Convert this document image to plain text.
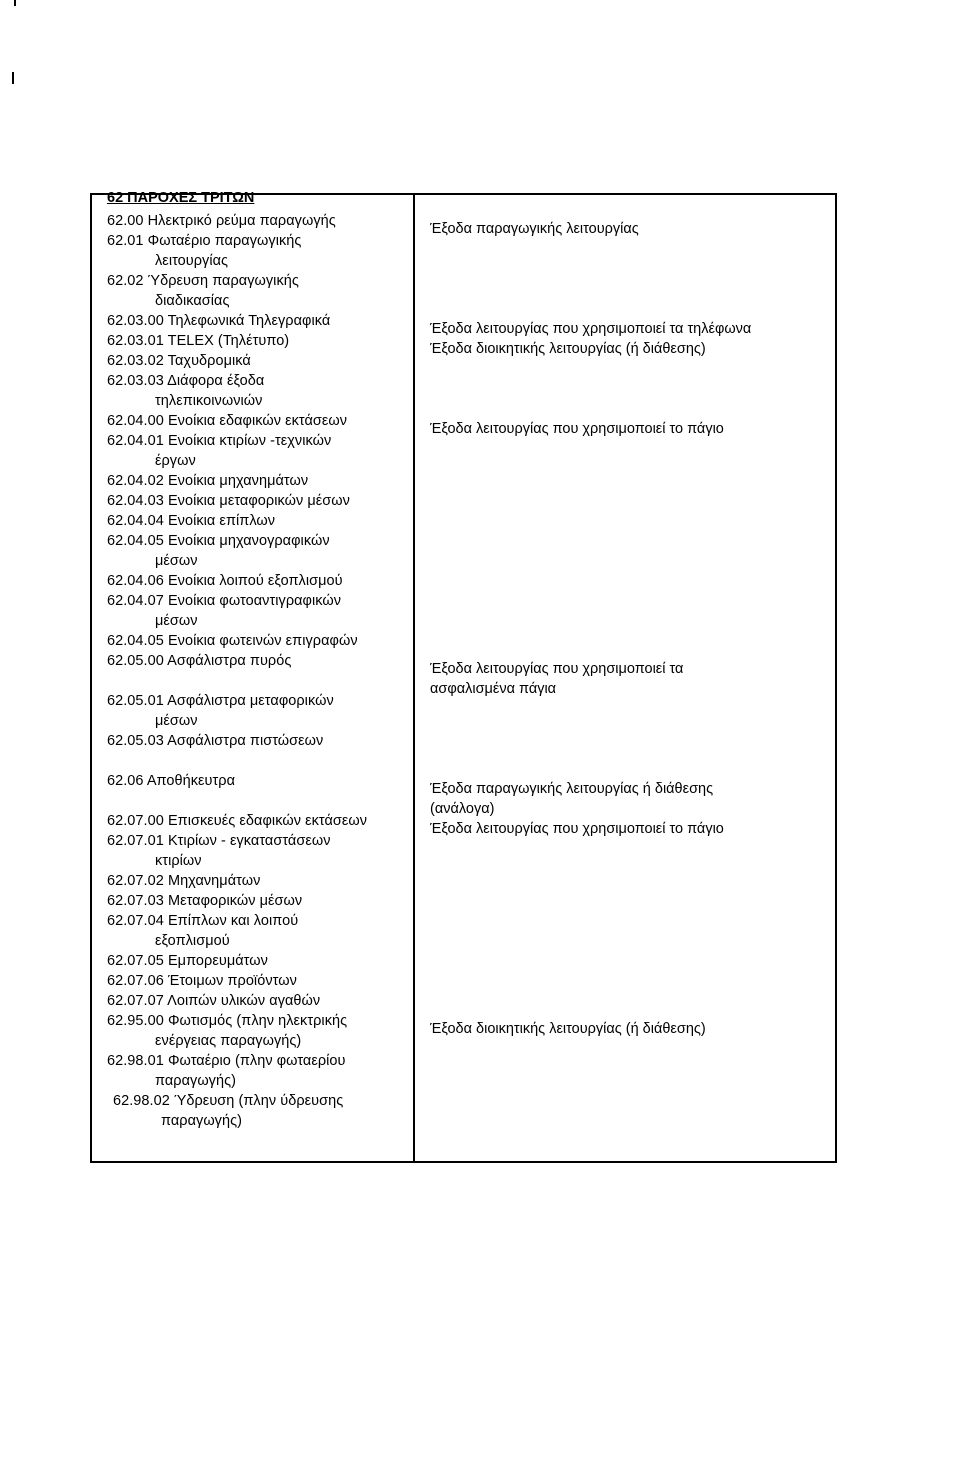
62 ΠΑΡΟΧΕΣ ΤΡΙΤΩΝ
62.00 Ηλεκτρικό ρεύμα παραγωγής
62.01 Φωταέριο παραγωγικής
λειτουργίας
62.02 Ύδρευση παραγωγικής
διαδικασίας
62.03.00 Τηλεφωνικά Τηλεγραφικά
62.03.01 TELEX (Τηλέτυπο)
62.03.02 Ταχυδρομικά
62.03.03 Διάφορα έξοδα
τηλεπικοινωνιών
62.04.00 Ενοίκια εδαφικών εκτάσεων
62.04.01 Ενοίκια κτιρίων -τεχνικών
έργων
62.04.02 Ενοίκια μηχανημάτων
62.04.03 Ενοίκια μεταφορικών μέσων
62.04.04 Ενοίκια επίπλων
62.04.05 Ενοίκια μηχανογραφικών
μέσων
62.04.06 Ενοίκια λοιπού εξοπλισμού
62.04.07 Ενοίκια φωτοαντιγραφικών
μέσων
62.04.05 Ενοίκια φωτεινών επιγραφών
62.05.00 Ασφάλιστρα πυρός
62.05.01 Ασφάλιστρα μεταφορικών
μέσων
62.05.03 Ασφάλιστρα πιστώσεων
62.06 Αποθήκευτρα
62.07.00 Επισκευές εδαφικών εκτάσεων
62.07.01 Κτιρίων - εγκαταστάσεων
κτιρίων
62.07.02 Μηχανημάτων
62.07.03 Μεταφορικών μέσων
62.07.04 Επίπλων και λοιπού
εξοπλισμού
62.07.05 Εμπορευμάτων
62.07.06 Έτοιμων προϊόντων
62.07.07 Λοιπών υλικών αγαθών
62.95.00 Φωτισμός (πλην ηλεκτρικής
ενέργειας παραγωγής)
62.98.01 Φωταέριο (πλην φωταερίου
παραγωγής)
62.98.02 Ύδρευση (πλην ύδρευσης
παραγωγής)
Έξοδα παραγωγικής λειτουργίας
Έξοδα λειτουργίας που χρησιμοποιεί τα τηλέφωνα
Έξοδα διοικητικής λειτουργίας (ή διάθεσης)
Έξοδα λειτουργίας που χρησιμοποιεί το πάγιο
Έξοδα λειτουργίας που χρησιμοποιεί τα
ασφαλισμένα πάγια
Έξοδα παραγωγικής λειτουργίας ή διάθεσης
(ανάλογα)
Έξοδα λειτουργίας που χρησιμοποιεί το πάγιο
Έξοδα διοικητικής λειτουργίας (ή διάθεσης)
